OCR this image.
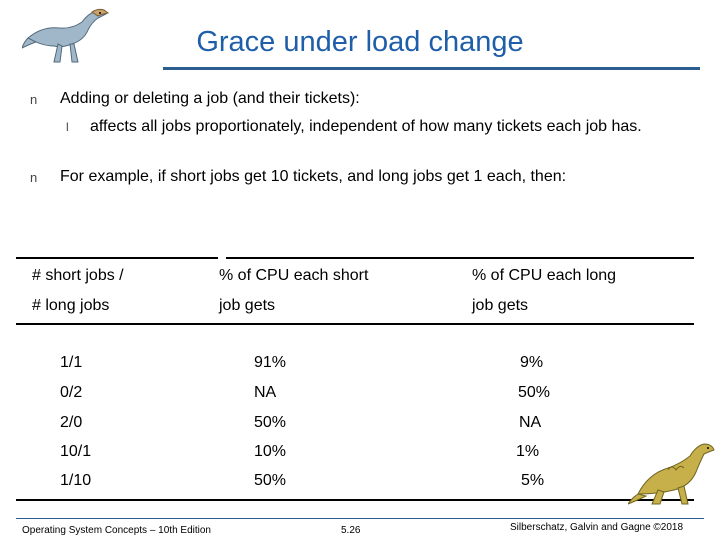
Grace under load change
n Adding or deleting a job (and their tickets):
l affects all jobs proportionately, independent of how many tickets each job has.
n For example, if short jobs get 10 tickets, and long jobs get 1 each, then:
# short jobs /
# long jobs
% of CPU each short
job gets
% of CPU each long
job gets
1/1	91%	9%
0/2	NA	50%
2/0	50%	NA
10/1	10%	1%
1/10	50%	5%
Operating System Concepts – 10th Edition	5.26	Silberschatz, Galvin and Gagne ©2018
